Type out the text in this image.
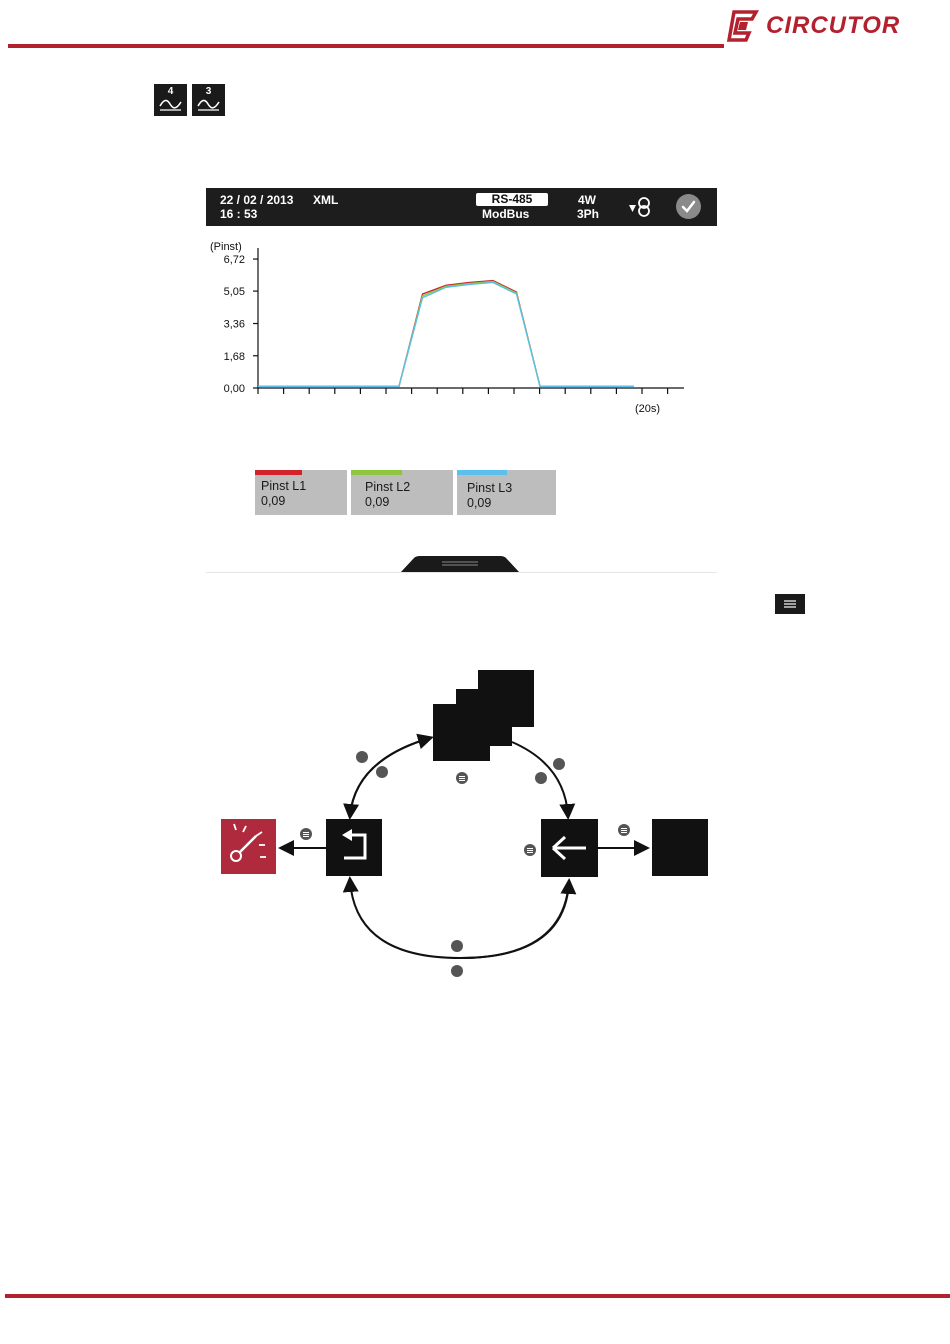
CIRCUTOR
4	3
22 / 02 / 2013 XML
16 : 53
RS-485
ModBus
4W
3Ph
0,00
1,68
3,36
5,05
6,72
(Pinst)
(20s)
Pinst L1
0,09
Pinst L2
0,09
Pinst L3
0,09
